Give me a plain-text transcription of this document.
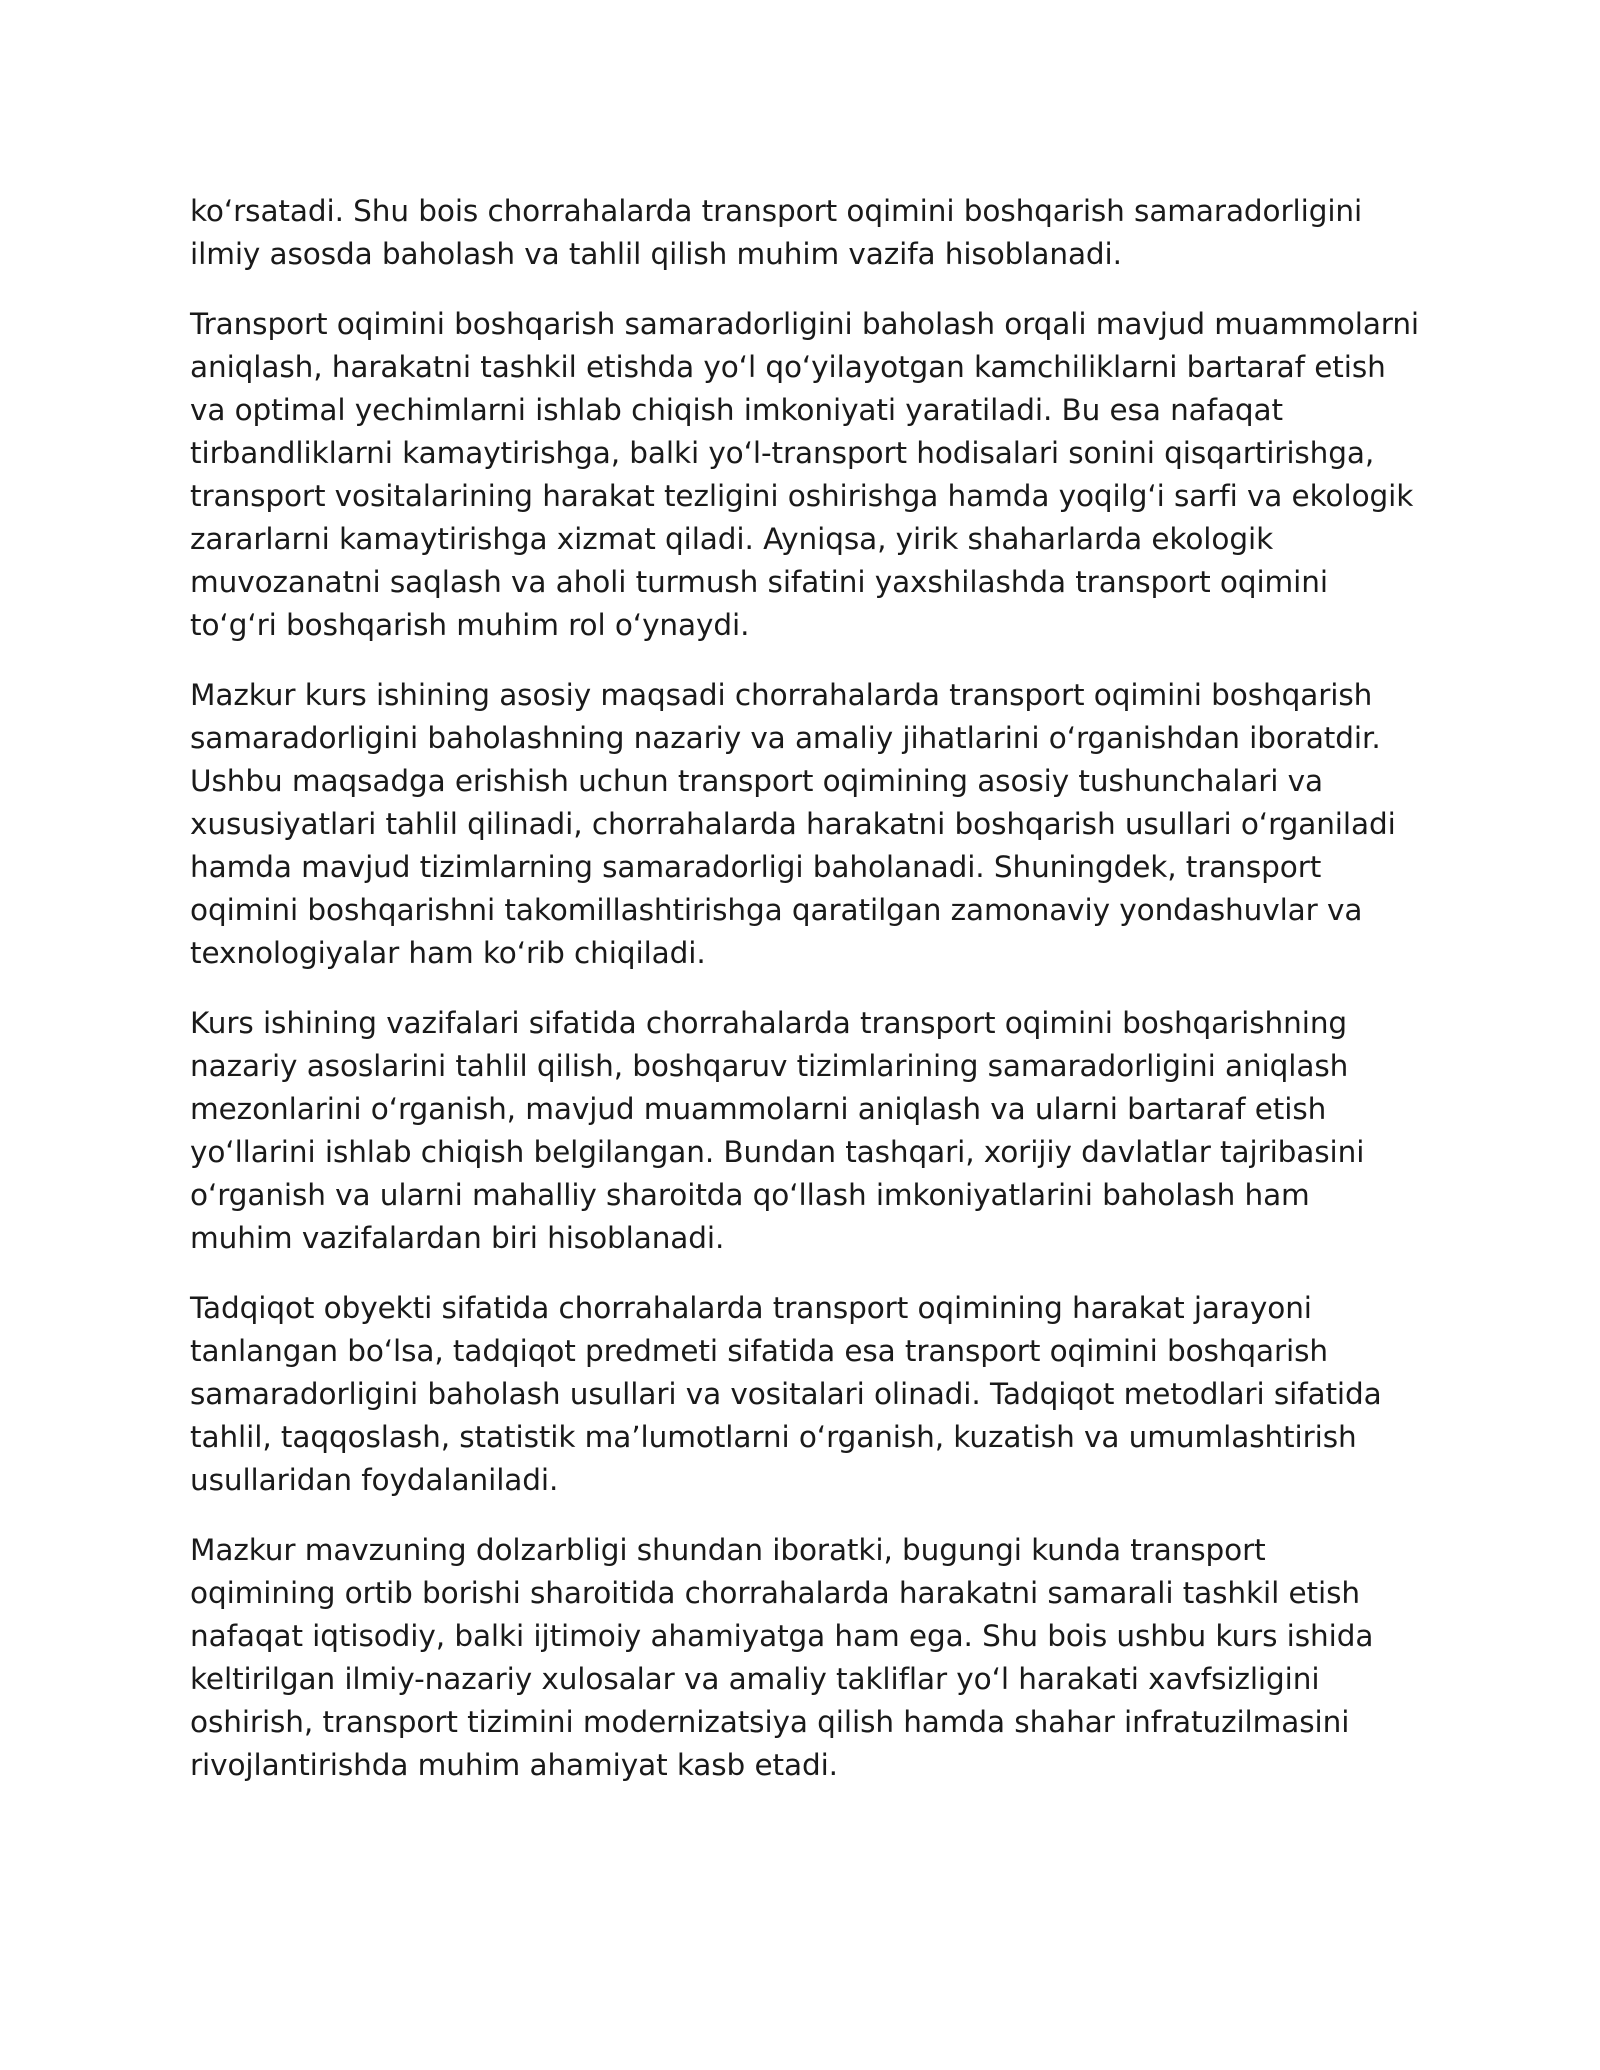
ko‘rsatadi. Shu bois chorrahalarda transport oqimini boshqarish samaradorligini ilmiy asosda baholash va tahlil qilish muhim vazifa hisoblanadi.

Transport oqimini boshqarish samaradorligini baholash orqali mavjud muammolarni aniqlash, harakatni tashkil etishda yo‘l qo‘yilayotgan kamchiliklarni bartaraf etish va optimal yechimlarni ishlab chiqish imkoniyati yaratiladi. Bu esa nafaqat tirbandliklarni kamaytirishga, balki yo‘l-transport hodisalari sonini qisqartirishga, transport vositalarining harakat tezligini oshirishga hamda yoqilg‘i sarfi va ekologik zararlarni kamaytirishga xizmat qiladi. Ayniqsa, yirik shaharlarda ekologik muvozanatni saqlash va aholi turmush sifatini yaxshilashda transport oqimini to‘g‘ri boshqarish muhim rol o‘ynaydi.

Mazkur kurs ishining asosiy maqsadi chorrahalarda transport oqimini boshqarish samaradorligini baholashning nazariy va amaliy jihatlarini o‘rganishdan iboratdir. Ushbu maqsadga erishish uchun transport oqimining asosiy tushunchalari va xususiyatlari tahlil qilinadi, chorrahalarda harakatni boshqarish usullari o‘rganiladi hamda mavjud tizimlarning samaradorligi baholanadi. Shuningdek, transport oqimini boshqarishni takomillashtirishga qaratilgan zamonaviy yondashuvlar va texnologiyalar ham ko‘rib chiqiladi.

Kurs ishining vazifalari sifatida chorrahalarda transport oqimini boshqarishning nazariy asoslarini tahlil qilish, boshqaruv tizimlarining samaradorligini aniqlash mezonlarini o‘rganish, mavjud muammolarni aniqlash va ularni bartaraf etish yo‘llarini ishlab chiqish belgilangan. Bundan tashqari, xorijiy davlatlar tajribasini o‘rganish va ularni mahalliy sharoitda qo‘llash imkoniyatlarini baholash ham muhim vazifalardan biri hisoblanadi.

Tadqiqot obyekti sifatida chorrahalarda transport oqimining harakat jarayoni tanlangan bo‘lsa, tadqiqot predmeti sifatida esa transport oqimini boshqarish samaradorligini baholash usullari va vositalari olinadi. Tadqiqot metodlari sifatida tahlil, taqqoslash, statistik ma’lumotlarni o‘rganish, kuzatish va umumlashtirish usullaridan foydalaniladi.

Mazkur mavzuning dolzarbligi shundan iboratki, bugungi kunda transport oqimining ortib borishi sharoitida chorrahalarda harakatni samarali tashkil etish nafaqat iqtisodiy, balki ijtimoiy ahamiyatga ham ega. Shu bois ushbu kurs ishida keltirilgan ilmiy-nazariy xulosalar va amaliy takliflar yo‘l harakati xavfsizligini oshirish, transport tizimini modernizatsiya qilish hamda shahar infratuzilmasini rivojlantirishda muhim ahamiyat kasb etadi.
